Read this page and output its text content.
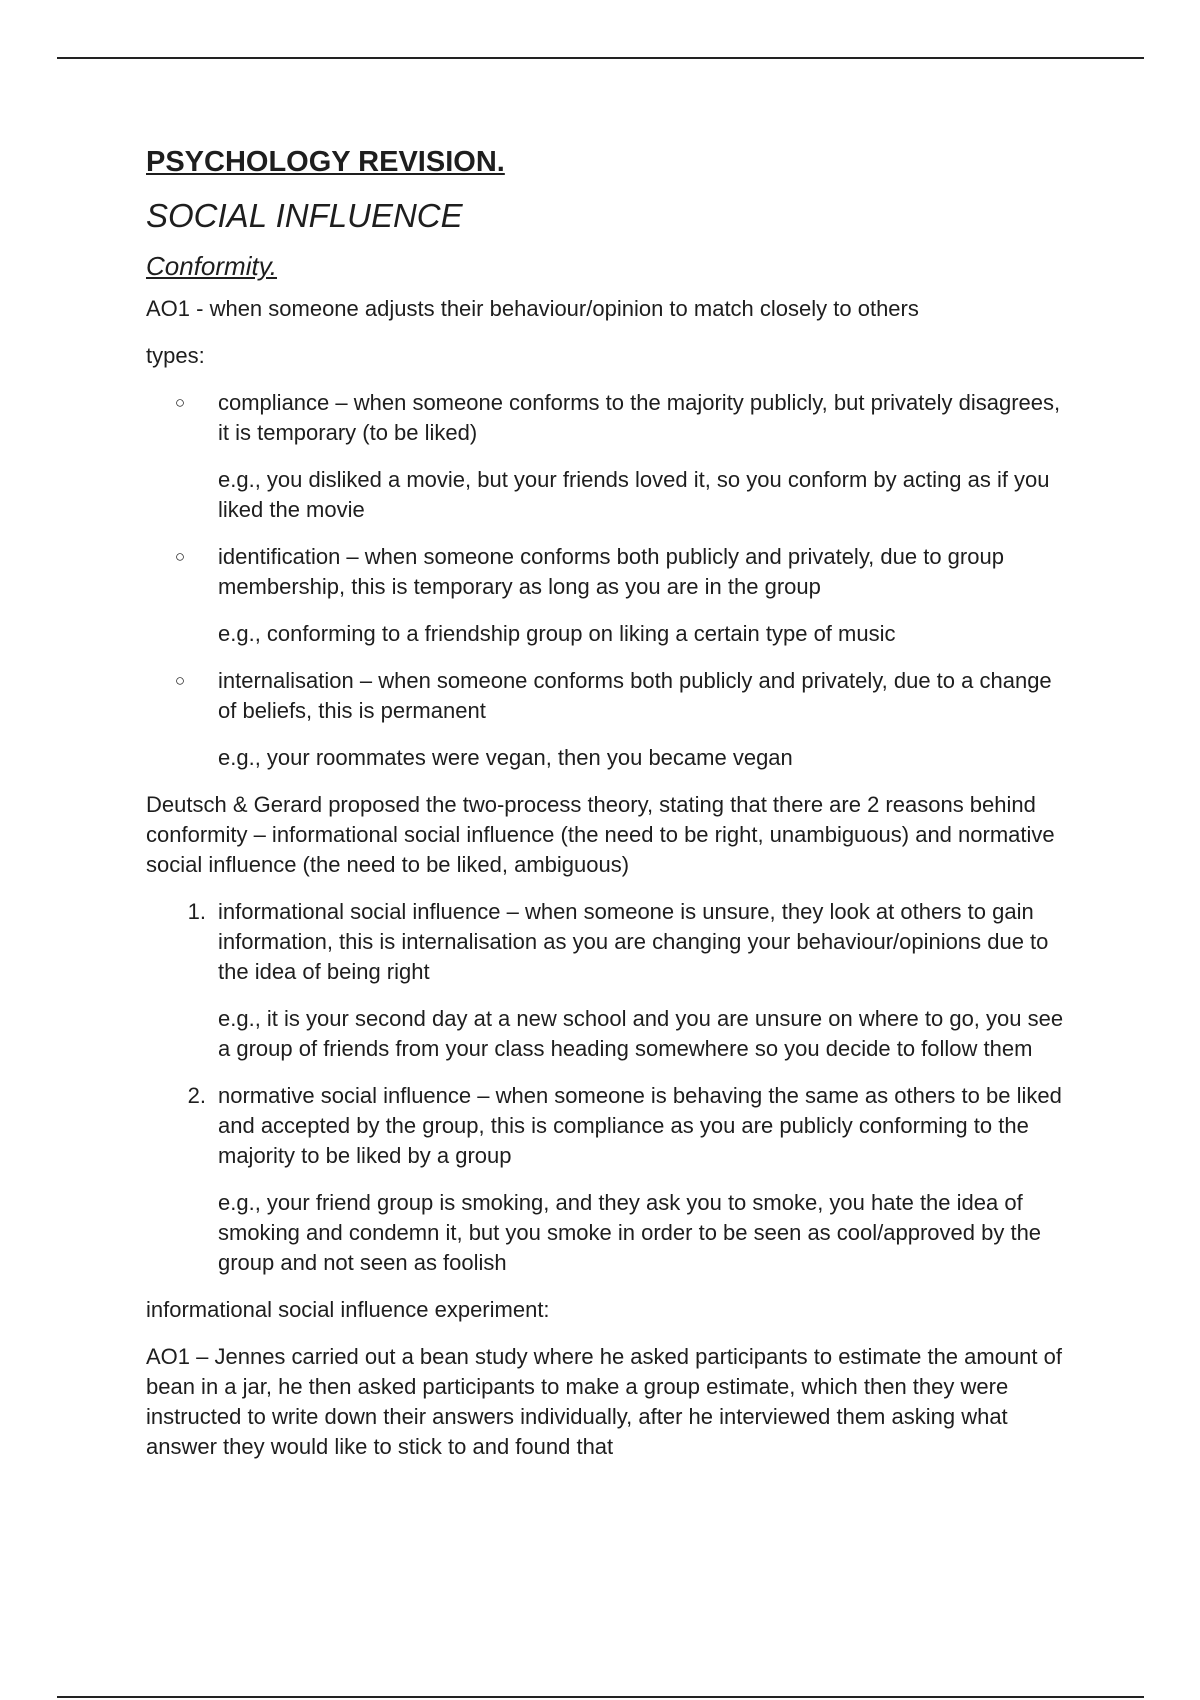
PSYCHOLOGY REVISION.
SOCIAL INFLUENCE
Conformity.

AO1 - when someone adjusts their behaviour/opinion to match closely to others

types:

○ compliance – when someone conforms to the majority publicly, but privately disagrees, it is temporary (to be liked)

e.g., you disliked a movie, but your friends loved it, so you conform by acting as if you liked the movie

○ identification – when someone conforms both publicly and privately, due to group membership, this is temporary as long as you are in the group

e.g., conforming to a friendship group on liking a certain type of music

○ internalisation – when someone conforms both publicly and privately, due to a change of beliefs, this is permanent

e.g., your roommates were vegan, then you became vegan

Deutsch & Gerard proposed the two-process theory, stating that there are 2 reasons behind conformity – informational social influence (the need to be right, unambiguous) and normative social influence (the need to be liked, ambiguous)

1. informational social influence – when someone is unsure, they look at others to gain information, this is internalisation as you are changing your behaviour/opinions due to the idea of being right

e.g., it is your second day at a new school and you are unsure on where to go, you see a group of friends from your class heading somewhere so you decide to follow them

2. normative social influence – when someone is behaving the same as others to be liked and accepted by the group, this is compliance as you are publicly conforming to the majority to be liked by a group

e.g., your friend group is smoking, and they ask you to smoke, you hate the idea of smoking and condemn it, but you smoke in order to be seen as cool/approved by the group and not seen as foolish

informational social influence experiment:

AO1 – Jennes carried out a bean study where he asked participants to estimate the amount of bean in a jar, he then asked participants to make a group estimate, which then they were instructed to write down their answers individually, after he interviewed them asking what answer they would like to stick to and found that
